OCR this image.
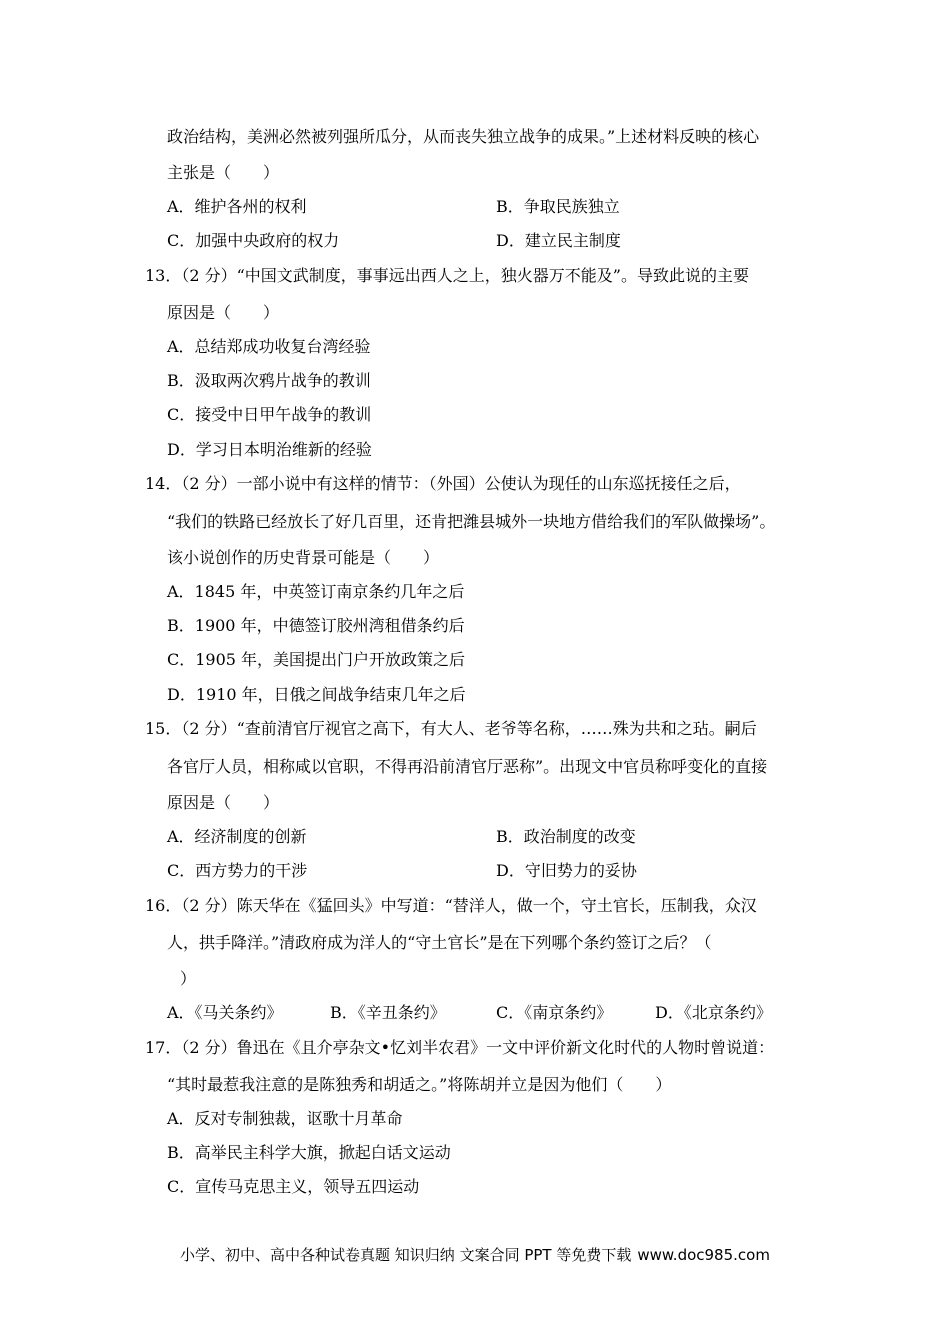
政治结构，美洲必然被列强所瓜分，从而丧失独立战争的成果。”上述材料反映的核心
主张是（　　）
A．维护各州的权利	B．争取民族独立
C．加强中央政府的权力	D．建立民主制度
13．（2 分）“中国文武制度，事事远出西人之上，独火器万不能及”。导致此说的主要
原因是（　　）
A．总结郑成功收复台湾经验
B．汲取两次鸦片战争的教训
C．接受中日甲午战争的教训
D．学习日本明治维新的经验
14．（2 分）一部小说中有这样的情节：（外国）公使认为现任的山东巡抚接任之后，
“我们的铁路已经放长了好几百里，还肯把潍县城外一块地方借给我们的军队做操场”。
该小说创作的历史背景可能是（　　）
A．1845 年，中英签订南京条约几年之后
B．1900 年，中德签订胶州湾租借条约后
C．1905 年，美国提出门户开放政策之后
D．1910 年，日俄之间战争结束几年之后
15．（2 分）“查前清官厅视官之高下，有大人、老爷等名称，……殊为共和之玷。嗣后
各官厅人员，相称咸以官职，不得再沿前清官厅恶称”。出现文中官员称呼变化的直接
原因是（　　）
A．经济制度的创新	B．政治制度的改变
C．西方势力的干涉	D．守旧势力的妥协
16．（2 分）陈天华在《猛回头》中写道：“替洋人，做一个，守土官长，压制我，众汉
人，拱手降洋。”清政府成为洋人的“守土官长”是在下列哪个条约签订之后？（
）
A．《马关条约》	B．《辛丑条约》	C．《南京条约》	D．《北京条约》
17．（2 分）鲁迅在《且介亭杂文•忆刘半农君》一文中评价新文化时代的人物时曾说道：
“其时最惹我注意的是陈独秀和胡适之。”将陈胡并立是因为他们（　　）
A．反对专制独裁，讴歌十月革命
B．高举民主科学大旗，掀起白话文运动
C．宣传马克思主义，领导五四运动
小学、初中、高中各种试卷真题 知识归纳 文案合同 PPT 等免费下载 www.doc985.com
